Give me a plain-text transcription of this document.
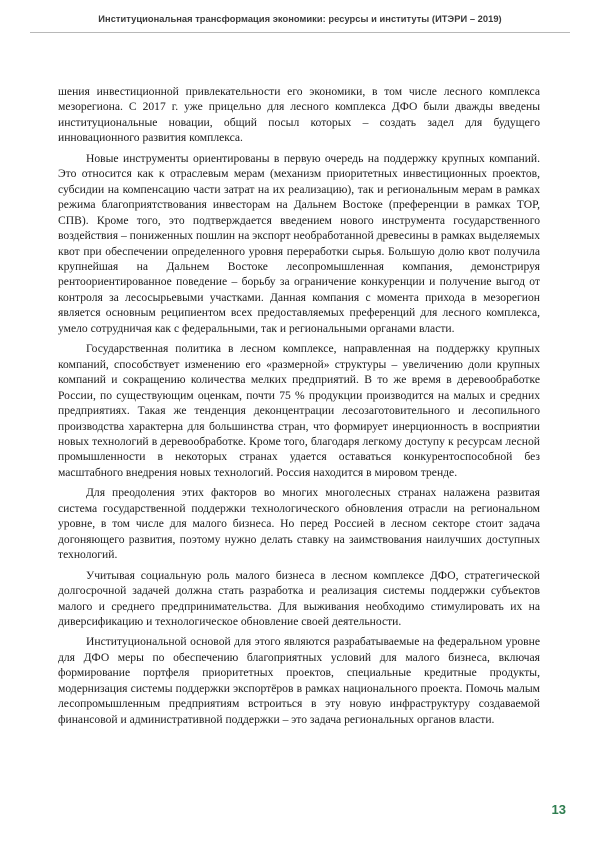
Институциональная трансформация экономики: ресурсы и институты (ИТЭРИ – 2019)

шения инвестиционной привлекательности его экономики, в том числе лесного комплекса мезорегиона. С 2017 г. уже прицельно для лесного комплекса ДФО были дважды введены институциональные новации, общий посыл которых – создать задел для будущего инновационного развития комплекса.

Новые инструменты ориентированы в первую очередь на поддержку крупных компаний. Это относится как к отраслевым мерам (механизм приоритетных инвестиционных проектов, субсидии на компенсацию части затрат на их реализацию), так и региональным мерам в рамках режима благоприятствования инвесторам на Дальнем Востоке (преференции в рамках ТОР, СПВ). Кроме того, это подтверждается введением нового инструмента государственного воздействия – пониженных пошлин на экспорт необработанной древесины в рамках выделяемых квот при обеспечении определенного уровня переработки сырья. Большую долю квот получила крупнейшая на Дальнем Востоке лесопромышленная компания, демонстрируя рентоориентированное поведение – борьбу за ограничение конкуренции и получение выгод от контроля за лесосырьевыми участками. Данная компания с момента прихода в мезорегион является основным реципиентом всех предоставляемых преференций для лесного комплекса, умело сотрудничая как с федеральными, так и региональными органами власти.

Государственная политика в лесном комплексе, направленная на поддержку крупных компаний, способствует изменению его «размерной» структуры – увеличению доли крупных компаний и сокращению количества мелких предприятий. В то же время в деревообработке России, по существующим оценкам, почти 75 % продукции производится на малых и средних предприятиях. Такая же тенденция деконцентрации лесозаготовительного и лесопильного производства характерна для большинства стран, что формирует инерционность в восприятии новых технологий в деревообработке. Кроме того, благодаря легкому доступу к ресурсам лесной промышленности в некоторых странах удается оставаться конкурентоспособной без масштабного внедрения новых технологий. Россия находится в мировом тренде.

Для преодоления этих факторов во многих многолесных странах налажена развитая система государственной поддержки технологического обновления отрасли на региональном уровне, в том числе для малого бизнеса. Но перед Россией в лесном секторе стоит задача догоняющего развития, поэтому нужно делать ставку на заимствования наилучших доступных технологий.

Учитывая социальную роль малого бизнеса в лесном комплексе ДФО, стратегической долгосрочной задачей должна стать разработка и реализация системы поддержки субъектов малого и среднего предпринимательства. Для выживания необходимо стимулировать их на диверсификацию и технологическое обновление своей деятельности.

Институциональной основой для этого являются разрабатываемые на федеральном уровне для ДФО меры по обеспечению благоприятных условий для малого бизнеса, включая формирование портфеля приоритетных проектов, специальные кредитные продукты, модернизация системы поддержки экспортёров в рамках национального проекта. Помочь малым лесопромышленным предприятиям встроиться в эту новую инфраструктуру создаваемой финансовой и административной поддержки – это задача региональных органов власти.

13
